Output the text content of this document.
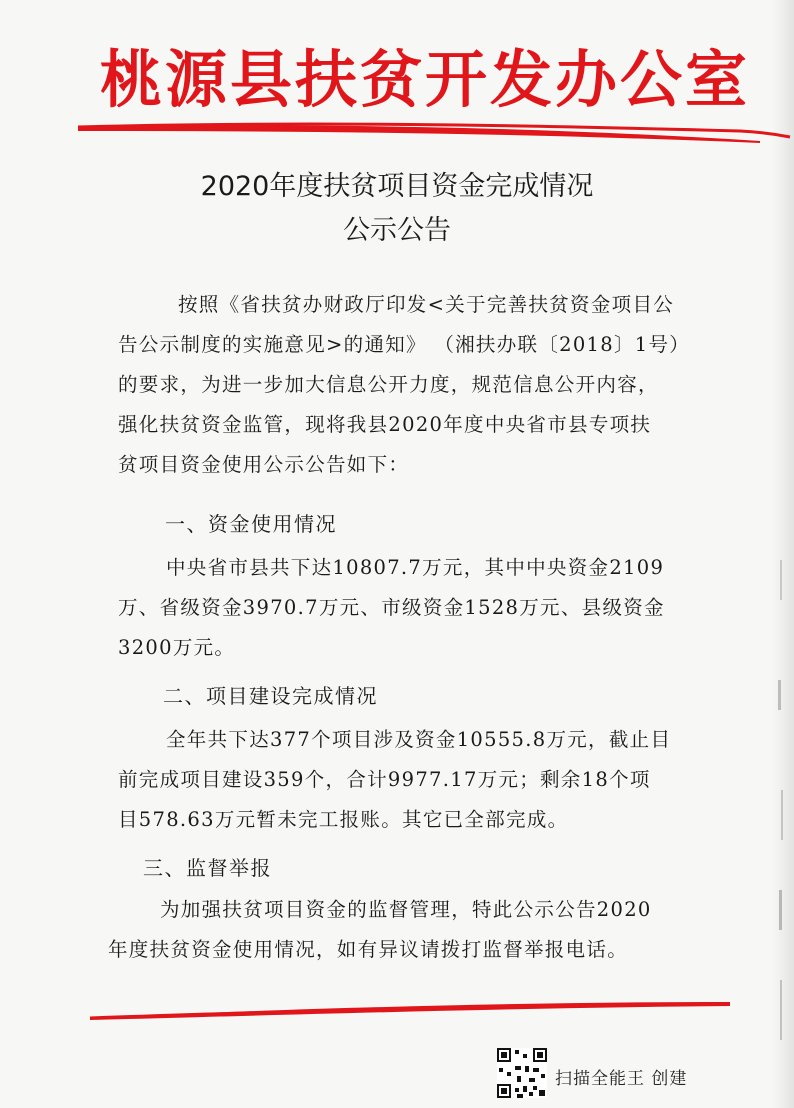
桃源县扶贫开发办公室
2020年度扶贫项目资金完成情况
公示公告
按照《省扶贫办财政厅印发<关于完善扶贫资金项目公
告公示制度的实施意见>的通知》 （湘扶办联〔2018〕1号）
的要求，为进一步加大信息公开力度，规范信息公开内容，
强化扶贫资金监管，现将我县2020年度中央省市县专项扶
贫项目资金使用公示公告如下：
一、资金使用情况
中央省市县共下达10807.7万元，其中中央资金2109
万、省级资金3970.7万元、市级资金1528万元、县级资金
3200万元。
二、项目建设完成情况
全年共下达377个项目涉及资金10555.8万元，截止目
前完成项目建设359个，合计9977.17万元；剩余18个项
目578.63万元暂未完工报账。其它已全部完成。
三、监督举报
为加强扶贫项目资金的监督管理，特此公示公告2020
年度扶贫资金使用情况，如有异议请拨打监督举报电话。
扫描全能王 创建
